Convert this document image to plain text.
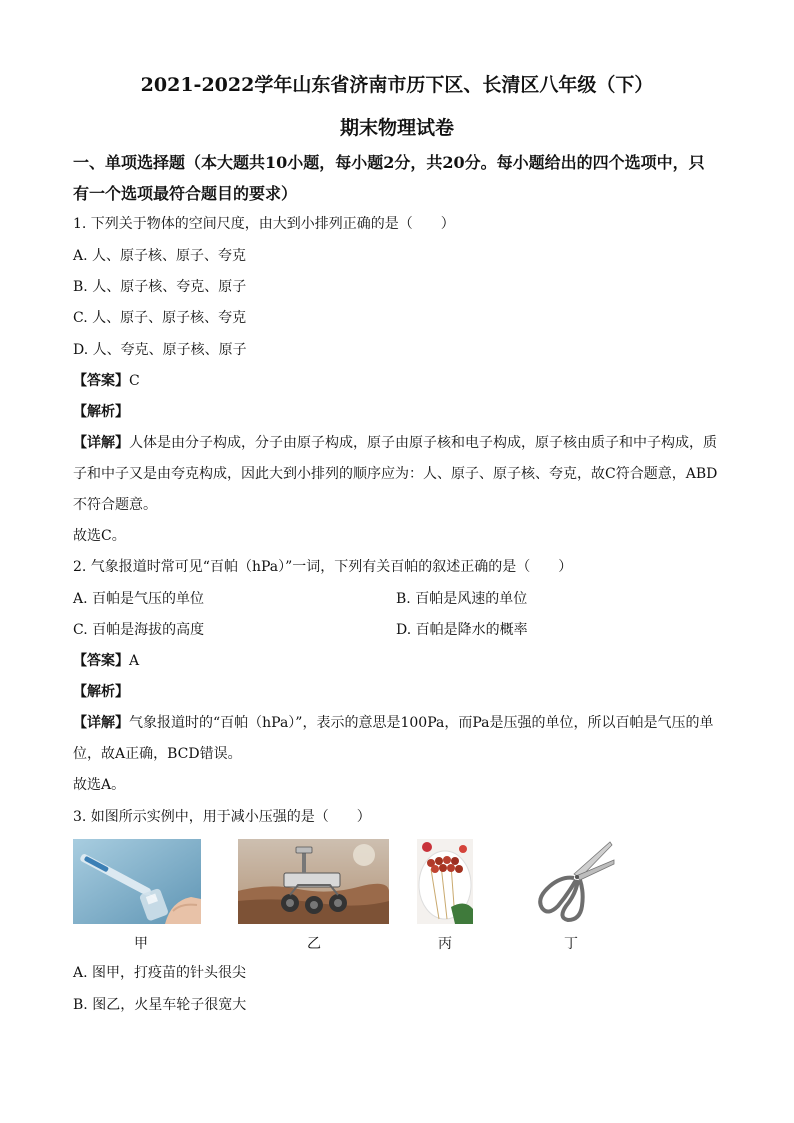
2021-2022学年山东省济南市历下区、长清区八年级（下）
期末物理试卷
一、单项选择题（本大题共10小题，每小题2分，共20分。每小题给出的四个选项中，只
有一个选项最符合题目的要求）
1. 下列关于物体的空间尺度，由大到小排列正确的是（　　）
A. 人、原子核、原子、夸克
B. 人、原子核、夸克、原子
C. 人、原子、原子核、夸克
D. 人、夸克、原子核、原子
【答案】C
【解析】
【详解】人体是由分子构成，分子由原子构成，原子由原子核和电子构成，原子核由质子和中子构成，质
子和中子又是由夸克构成，因此大到小排列的顺序应为：人、原子、原子核、夸克，故C符合题意，ABD
不符合题意。
故选C。
2. 气象报道时常可见“百帕（hPa）”一词，下列有关百帕的叙述正确的是（　　）
A. 百帕是气压的单位	B. 百帕是风速的单位
C. 百帕是海拔的高度	D. 百帕是降水的概率
【答案】A
【解析】
【详解】气象报道时的“百帕（hPa）”，表示的意思是100Pa，而Pa是压强的单位，所以百帕是气压的单
位，故A正确，BCD错误。
故选A。
3. 如图所示实例中，用于减小压强的是（　　）
甲	乙	丙	丁
A. 图甲，打疫苗的针头很尖
B. 图乙，火星车轮子很宽大
